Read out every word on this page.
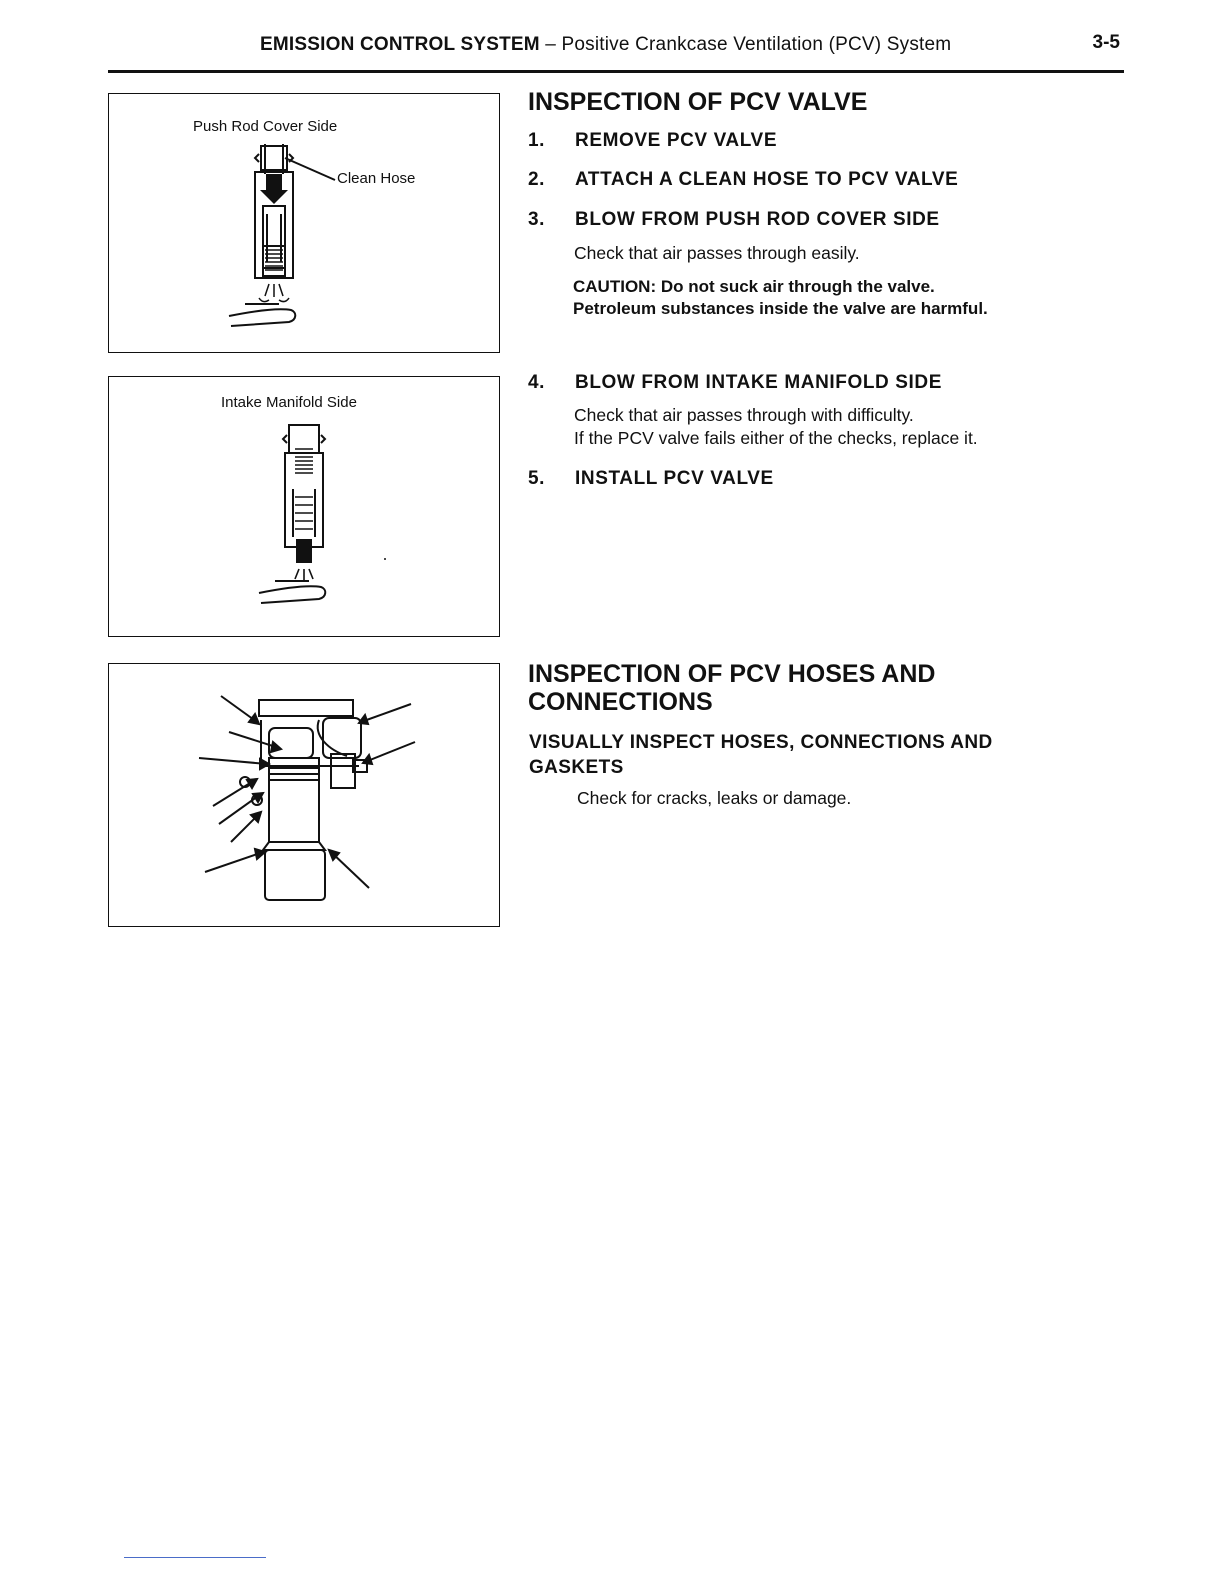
EMISSION CONTROL SYSTEM – Positive Crankcase Ventilation (PCV) System	3-5
Push Rod Cover Side
Clean Hose
Intake Manifold Side
INSPECTION OF PCV VALVE
1. REMOVE PCV VALVE
2. ATTACH A CLEAN HOSE TO PCV VALVE
3. BLOW FROM PUSH ROD COVER SIDE
Check that air passes through easily.
CAUTION: Do not suck air through the valve.
Petroleum substances inside the valve are harmful.
4. BLOW FROM INTAKE MANIFOLD SIDE
Check that air passes through with difficulty.
If the PCV valve fails either of the checks, replace it.
5. INSTALL PCV VALVE
INSPECTION OF PCV HOSES AND CONNECTIONS
VISUALLY INSPECT HOSES, CONNECTIONS AND GASKETS
Check for cracks, leaks or damage.
